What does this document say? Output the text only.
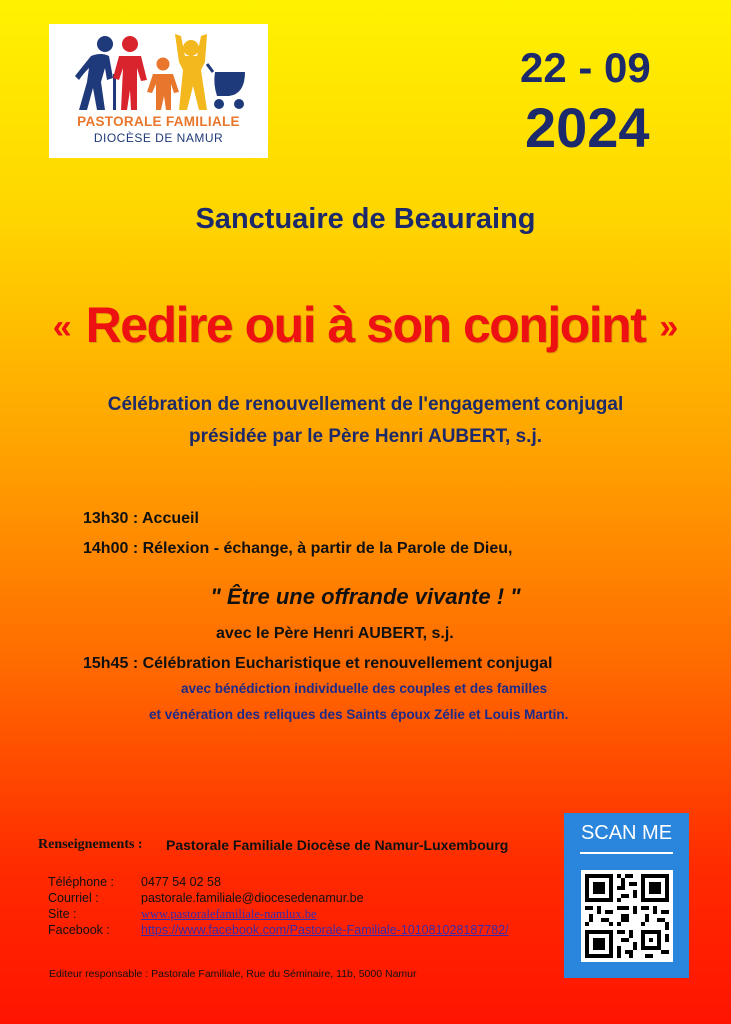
PASTORALE FAMILIALE
DIOCÈSE DE NAMUR
22 - 09
2024
Sanctuaire de Beauraing
« Redire oui à son conjoint »
Célébration de renouvellement de l'engagement conjugal
présidée par le Père Henri AUBERT, s.j.
13h30 : Accueil
14h00 : Rélexion - échange, à partir de la Parole de Dieu,
" Être une offrande vivante ! "
avec le Père Henri AUBERT, s.j.
15h45 : Célébration Eucharistique et renouvellement conjugal
avec bénédiction individuelle des couples et des familles
et vénération des reliques des Saints époux Zélie et Louis Martin.
Renseignements : Pastorale Familiale Diocèse de Namur-Luxembourg
Téléphone : 0477 54 02 58
Courriel :	pastorale.familiale@diocesedenamur.be
Site :	www.pastoralefamiliale-namlux.be
Facebook : https://www.facebook.com/Pastorale-Familiale-101081028187782/
Editeur responsable : Pastorale Familiale, Rue du Séminaire, 11b, 5000 Namur
SCAN ME
